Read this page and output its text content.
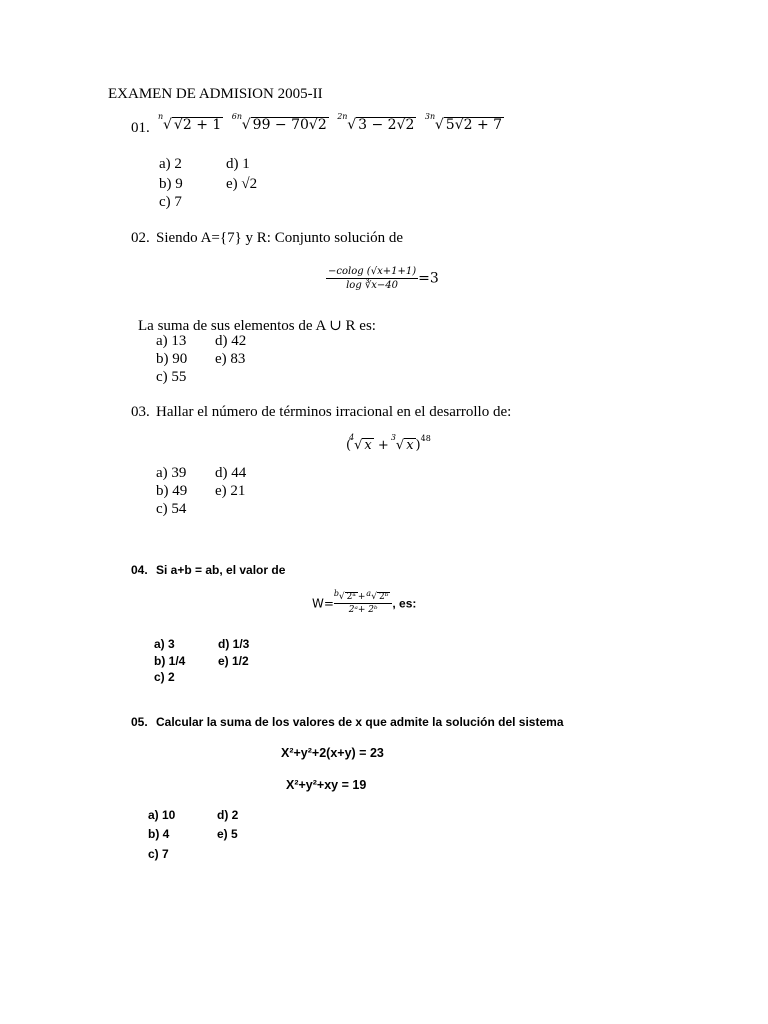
EXAMEN DE ADMISION 2005-II
01.
n
√ √2 + 1
6n
√ 99 − 70√2
2n
√ 3 − 2√2
3n
√ 5√2 + 7
a) 2
b) 9
c) 7
d) 1
e) √2
02. Siendo A={7} y R: Conjunto solución de
$\frac{-colog (√x+1+1)}{\log ∛x-40} =3$
La suma de sus elementos de A ∪ R es:
a) 13
b) 90
c) 55
d) 42
e) 83
03. Hallar el número de términos irracional en el desarrollo de:
(
4
√ x +
3
√ x )$^{48}$
a) 39
b) 49
c) 54
d) 44
e) 21
04. Si a+b = ab, el valor de
$W= \frac{\text{b √ 2ᵃ + a √ 2ᵇ}}{\text{2ᵃ+ 2ᵇ}}$ , es:
a) 3
b) 1/4
c) 2
d) 1/3
e) 1/2
05. Calcular la suma de los valores de x que admite la solución del sistema
X²+y²+2(x+y) = 23
X²+y²+xy = 19
a) 10
b) 4
c) 7
d) 2
e) 5
